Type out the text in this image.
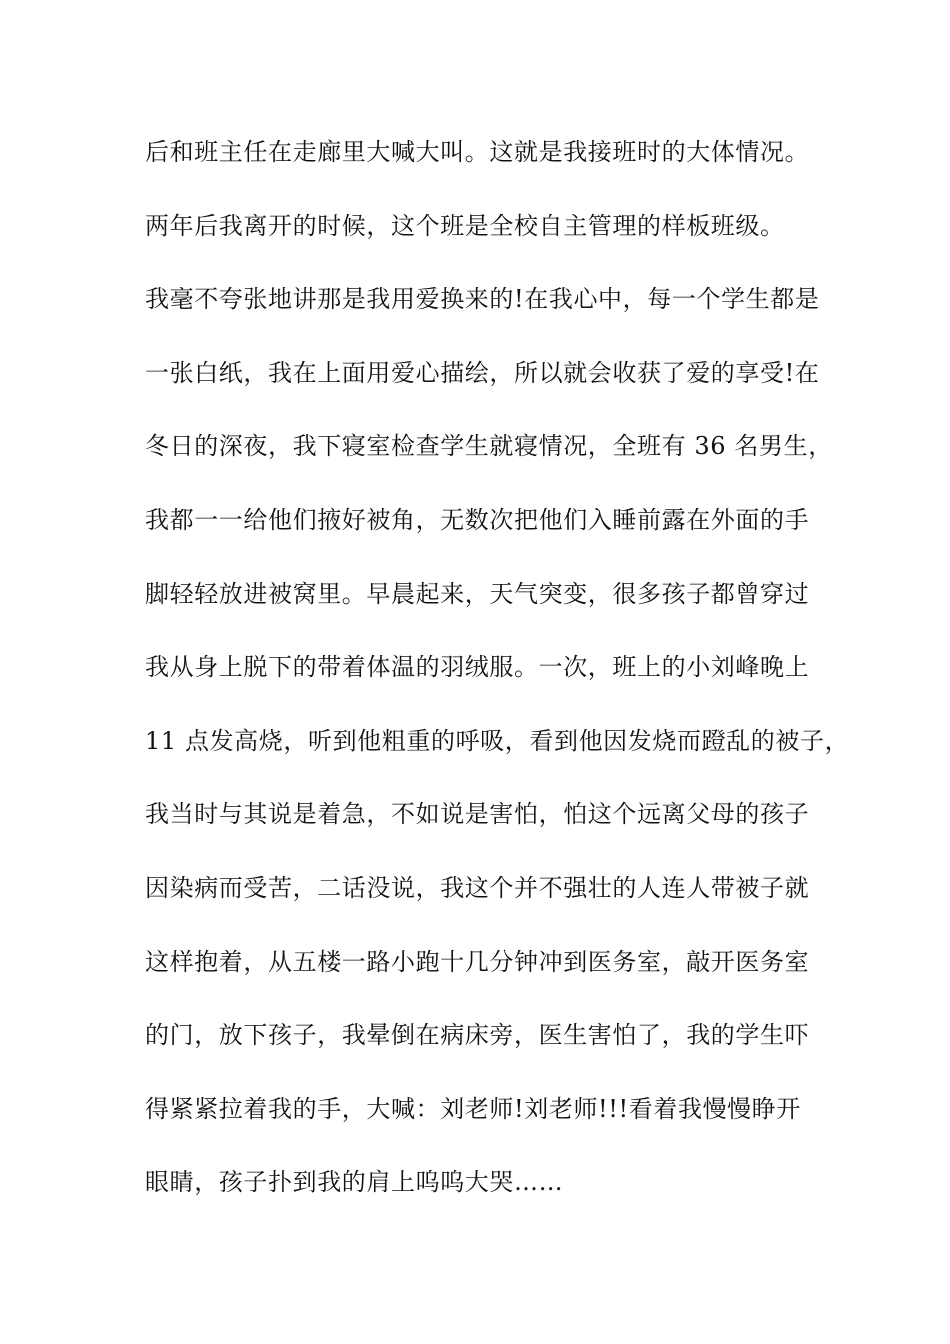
后和班主任在走廊里大喊大叫。这就是我接班时的大体情况。
两年后我离开的时候，这个班是全校自主管理的样板班级。
我毫不夸张地讲那是我用爱换来的!在我心中，每一个学生都是
一张白纸，我在上面用爱心描绘，所以就会收获了爱的享受!在
冬日的深夜，我下寝室检查学生就寝情况，全班有 36 名男生，
我都一一给他们掖好被角，无数次把他们入睡前露在外面的手
脚轻轻放进被窝里。早晨起来，天气突变，很多孩子都曾穿过
我从身上脱下的带着体温的羽绒服。一次，班上的小刘峰晚上
11 点发高烧，听到他粗重的呼吸，看到他因发烧而蹬乱的被子，
我当时与其说是着急，不如说是害怕，怕这个远离父母的孩子
因染病而受苦，二话没说，我这个并不强壮的人连人带被子就
这样抱着，从五楼一路小跑十几分钟冲到医务室，敲开医务室
的门，放下孩子，我晕倒在病床旁，医生害怕了，我的学生吓
得紧紧拉着我的手，大喊：刘老师!刘老师!!!看着我慢慢睁开
眼睛，孩子扑到我的肩上呜呜大哭……
